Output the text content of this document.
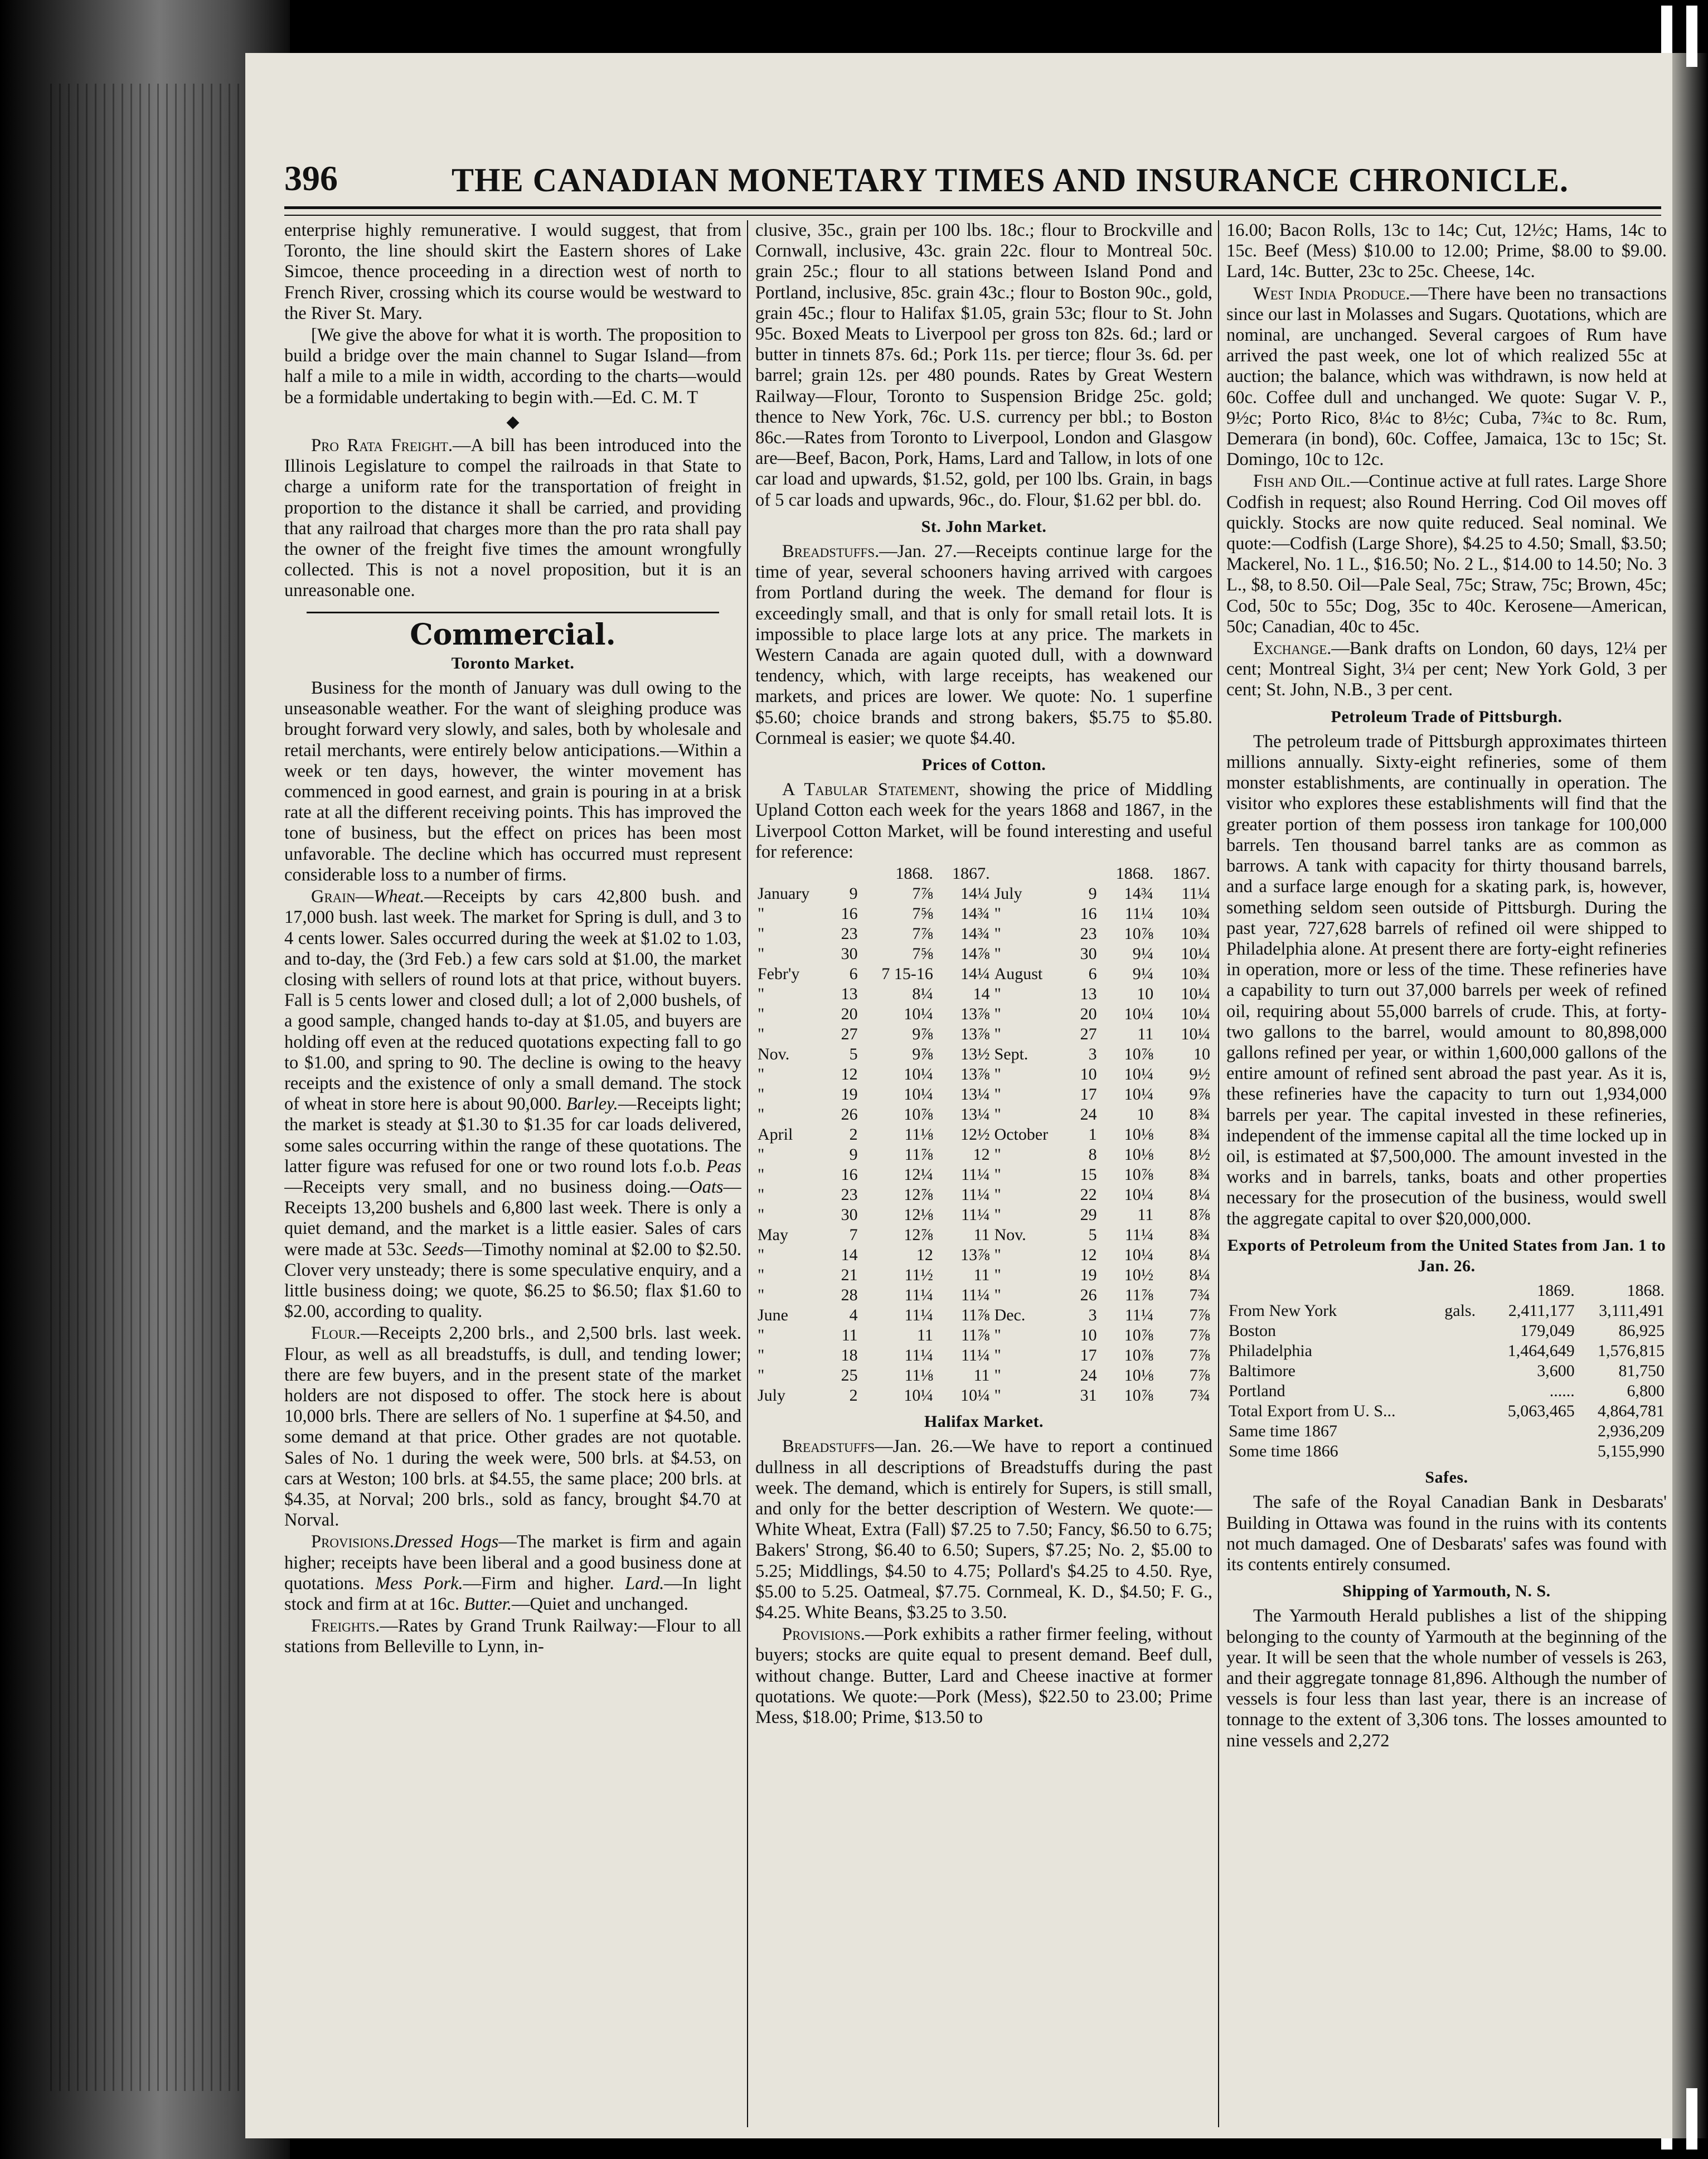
396	THE CANADIAN MONETARY TIMES AND INSURANCE CHRONICLE.

enterprise highly remunerative. I would suggest, that from Toronto, the line should skirt the Eastern shores of Lake Simcoe, thence proceeding in a direction west of north to French River, crossing which its course would be westward to the River St. Mary.

[We give the above for what it is worth. The proposition to build a bridge over the main channel to Sugar Island—from half a mile to a mile in width, according to the charts—would be a formidable undertaking to begin with.—Ed. C. M. T

◆

Pro Rata Freight.—A bill has been introduced into the Illinois Legislature to compel the railroads in that State to charge a uniform rate for the transportation of freight in proportion to the distance it shall be carried, and providing that any railroad that charges more than the pro rata shall pay the owner of the freight five times the amount wrongfully collected. This is not a novel proposition, but it is an unreasonable one.

Commercial.
Toronto Market.

Business for the month of January was dull owing to the unseasonable weather. For the want of sleighing produce was brought forward very slowly, and sales, both by wholesale and retail merchants, were entirely below anticipations.—Within a week or ten days, however, the winter movement has commenced in good earnest, and grain is pouring in at a brisk rate at all the different receiving points. This has improved the tone of business, but the effect on prices has been most unfavorable. The decline which has occurred must represent considerable loss to a number of firms.

Grain—Wheat.—Receipts by cars 42,800 bush. and 17,000 bush. last week. The market for Spring is dull, and 3 to 4 cents lower. Sales occurred during the week at $1.02 to 1.03, and to-day, the (3rd Feb.) a few cars sold at $1.00, the market closing with sellers of round lots at that price, without buyers. Fall is 5 cents lower and closed dull; a lot of 2,000 bushels, of a good sample, changed hands to-day at $1.05, and buyers are holding off even at the reduced quotations expecting fall to go to $1.00, and spring to 90. The decline is owing to the heavy receipts and the existence of only a small demand. The stock of wheat in store here is about 90,000. Barley.—Receipts light; the market is steady at $1.30 to $1.35 for car loads delivered, some sales occurring within the range of these quotations. The latter figure was refused for one or two round lots f.o.b. Peas—Receipts very small, and no business doing.—Oats—Receipts 13,200 bushels and 6,800 last week. There is only a quiet demand, and the market is a little easier. Sales of cars were made at 53c. Seeds—Timothy nominal at $2.00 to $2.50. Clover very unsteady; there is some speculative enquiry, and a little business doing; we quote, $6.25 to $6.50; flax $1.60 to $2.00, according to quality.

Flour.—Receipts 2,200 brls., and 2,500 brls. last week. Flour, as well as all breadstuffs, is dull, and tending lower; there are few buyers, and in the present state of the market holders are not disposed to offer. The stock here is about 10,000 brls. There are sellers of No. 1 superfine at $4.50, and some demand at that price. Other grades are not quotable. Sales of No. 1 during the week were, 500 brls. at $4.53, on cars at Weston; 100 brls. at $4.55, the same place; 200 brls. at $4.35, at Norval; 200 brls., sold as fancy, brought $4.70 at Norval.

Provisions.Dressed Hogs—The market is firm and again higher; receipts have been liberal and a good business done at quotations. Mess Pork.—Firm and higher. Lard.—In light stock and firm at at 16c. Butter.—Quiet and unchanged.

Freights.—Rates by Grand Trunk Railway:—Flour to all stations from Belleville to Lynn, in-

clusive, 35c., grain per 100 lbs. 18c.; flour to Brockville and Cornwall, inclusive, 43c. grain 22c. flour to Montreal 50c. grain 25c.; flour to all stations between Island Pond and Portland, inclusive, 85c. grain 43c.; flour to Boston 90c., gold, grain 45c.; flour to Halifax $1.05, grain 53c; flour to St. John 95c. Boxed Meats to Liverpool per gross ton 82s. 6d.; lard or butter in tinnets 87s. 6d.; Pork 11s. per tierce; flour 3s. 6d. per barrel; grain 12s. per 480 pounds. Rates by Great Western Railway—Flour, Toronto to Suspension Bridge 25c. gold; thence to New York, 76c. U.S. currency per bbl.; to Boston 86c.—Rates from Toronto to Liverpool, London and Glasgow are—Beef, Bacon, Pork, Hams, Lard and Tallow, in lots of one car load and upwards, $1.52, gold, per 100 lbs. Grain, in bags of 5 car loads and upwards, 96c., do. Flour, $1.62 per bbl. do.

St. John Market.

Breadstuffs.—Jan. 27.—Receipts continue large for the time of year, several schooners having arrived with cargoes from Portland during the week. The demand for flour is exceedingly small, and that is only for small retail lots. It is impossible to place large lots at any price. The markets in Western Canada are again quoted dull, with a downward tendency, which, with large receipts, has weakened our markets, and prices are lower. We quote: No. 1 superfine $5.60; choice brands and strong bakers, $5.75 to $5.80. Cornmeal is easier; we quote $4.40.

Prices of Cotton.

A Tabular Statement, showing the price of Middling Upland Cotton each week for the years 1868 and 1867, in the Liverpool Cotton Market, will be found interesting and useful for reference:

		1868.	1867.			1868.	1867.
January	9	7⅞	14¼	July	9	14¾	11¼
"	16	7⅝	14¾	"	16	11¼	10¾
"	23	7⅞	14¾	"	23	10⅞	10¾
"	30	7⅝	14⅞	"	30	9¼	10¼
Febr'y	6	7 15-16	14¼	August	6	9¼	10¾
"	13	8¼	14	"	13	10	10¼
"	20	10¼	13⅞	"	20	10¼	10¼
"	27	9⅞	13⅞	"	27	11	10¼
Nov.	5	9⅞	13½	Sept.	3	10⅞	10
"	12	10¼	13⅞	"	10	10¼	9½
"	19	10¼	13¼	"	17	10¼	9⅞
"	26	10⅞	13¼	"	24	10	8¾
April	2	11⅛	12½	October	1	10⅛	8¾
"	9	11⅞	12	"	8	10⅛	8½
"	16	12¼	11¼	"	15	10⅞	8¾
"	23	12⅞	11¼	"	22	10¼	8¼
"	30	12⅛	11¼	"	29	11	8⅞
May	7	12⅞	11	Nov.	5	11¼	8¾
"	14	12	13⅞	"	12	10¼	8¼
"	21	11½	11	"	19	10½	8¼
"	28	11¼	11¼	"	26	11⅞	7¾
June	4	11¼	11⅞	Dec.	3	11¼	7⅞
"	11	11	11⅞	"	10	10⅞	7⅞
"	18	11¼	11¼	"	17	10⅞	7⅞
"	25	11⅛	11	"	24	10⅛	7⅞
July	2	10¼	10¼	"	31	10⅞	7¾
Halifax Market.

Breadstuffs—Jan. 26.—We have to report a continued dullness in all descriptions of Breadstuffs during the past week. The demand, which is entirely for Supers, is still small, and only for the better description of Western. We quote:—White Wheat, Extra (Fall) $7.25 to 7.50; Fancy, $6.50 to 6.75; Bakers' Strong, $6.40 to 6.50; Supers, $7.25; No. 2, $5.00 to 5.25; Middlings, $4.50 to 4.75; Pollard's $4.25 to 4.50. Rye, $5.00 to 5.25. Oatmeal, $7.75. Cornmeal, K. D., $4.50; F. G., $4.25. White Beans, $3.25 to 3.50.

Provisions.—Pork exhibits a rather firmer feeling, without buyers; stocks are quite equal to present demand. Beef dull, without change. Butter, Lard and Cheese inactive at former quotations. We quote:—Pork (Mess), $22.50 to 23.00; Prime Mess, $18.00; Prime, $13.50 to

16.00; Bacon Rolls, 13c to 14c; Cut, 12½c; Hams, 14c to 15c. Beef (Mess) $10.00 to 12.00; Prime, $8.00 to $9.00. Lard, 14c. Butter, 23c to 25c. Cheese, 14c.

West India Produce.—There have been no transactions since our last in Molasses and Sugars. Quotations, which are nominal, are unchanged. Several cargoes of Rum have arrived the past week, one lot of which realized 55c at auction; the balance, which was withdrawn, is now held at 60c. Coffee dull and unchanged. We quote: Sugar V. P., 9½c; Porto Rico, 8¼c to 8½c; Cuba, 7¾c to 8c. Rum, Demerara (in bond), 60c. Coffee, Jamaica, 13c to 15c; St. Domingo, 10c to 12c.

Fish and Oil.—Continue active at full rates. Large Shore Codfish in request; also Round Herring. Cod Oil moves off quickly. Stocks are now quite reduced. Seal nominal. We quote:—Codfish (Large Shore), $4.25 to 4.50; Small, $3.50; Mackerel, No. 1 L., $16.50; No. 2 L., $14.00 to 14.50; No. 3 L., $8, to 8.50. Oil—Pale Seal, 75c; Straw, 75c; Brown, 45c; Cod, 50c to 55c; Dog, 35c to 40c. Kerosene—American, 50c; Canadian, 40c to 45c.

Exchange.—Bank drafts on London, 60 days, 12¼ per cent; Montreal Sight, 3¼ per cent; New York Gold, 3 per cent; St. John, N.B., 3 per cent.

Petroleum Trade of Pittsburgh.

The petroleum trade of Pittsburgh approximates thirteen millions annually. Sixty-eight refineries, some of them monster establishments, are continually in operation. The visitor who explores these establishments will find that the greater portion of them possess iron tankage for 100,000 barrels. Ten thousand barrel tanks are as common as barrows. A tank with capacity for thirty thousand barrels, and a surface large enough for a skating park, is, however, something seldom seen outside of Pittsburgh. During the past year, 727,628 barrels of refined oil were shipped to Philadelphia alone. At present there are forty-eight refineries in operation, more or less of the time. These refineries have a capability to turn out 37,000 barrels per week of refined oil, requiring about 55,000 barrels of crude. This, at forty-two gallons to the barrel, would amount to 80,898,000 gallons refined per year, or within 1,600,000 gallons of the entire amount of refined sent abroad the past year. As it is, these refineries have the capacity to turn out 1,934,000 barrels per year. The capital invested in these refineries, independent of the immense capital all the time locked up in oil, is estimated at $7,500,000. The amount invested in the works and in barrels, tanks, boats and other properties necessary for the prosecution of the business, would swell the aggregate capital to over $20,000,000.

Exports of Petroleum from the United States from Jan. 1 to Jan. 26.
		1869.	1868.
From New York	gals.	2,411,177	3,111,491
Boston		179,049	86,925
Philadelphia		1,464,649	1,576,815
Baltimore		3,600	81,750
Portland		......	6,800
Total Export from U. S...		5,063,465	4,864,781
Same time 1867			2,936,209
Some time 1866			5,155,990
Safes.

The safe of the Royal Canadian Bank in Desbarats' Building in Ottawa was found in the ruins with its contents not much damaged. One of Desbarats' safes was found with its contents entirely consumed.

Shipping of Yarmouth, N. S.

The Yarmouth Herald publishes a list of the shipping belonging to the county of Yarmouth at the beginning of the year. It will be seen that the whole number of vessels is 263, and their aggregate tonnage 81,896. Although the number of vessels is four less than last year, there is an increase of tonnage to the extent of 3,306 tons. The losses amounted to nine vessels and 2,272
